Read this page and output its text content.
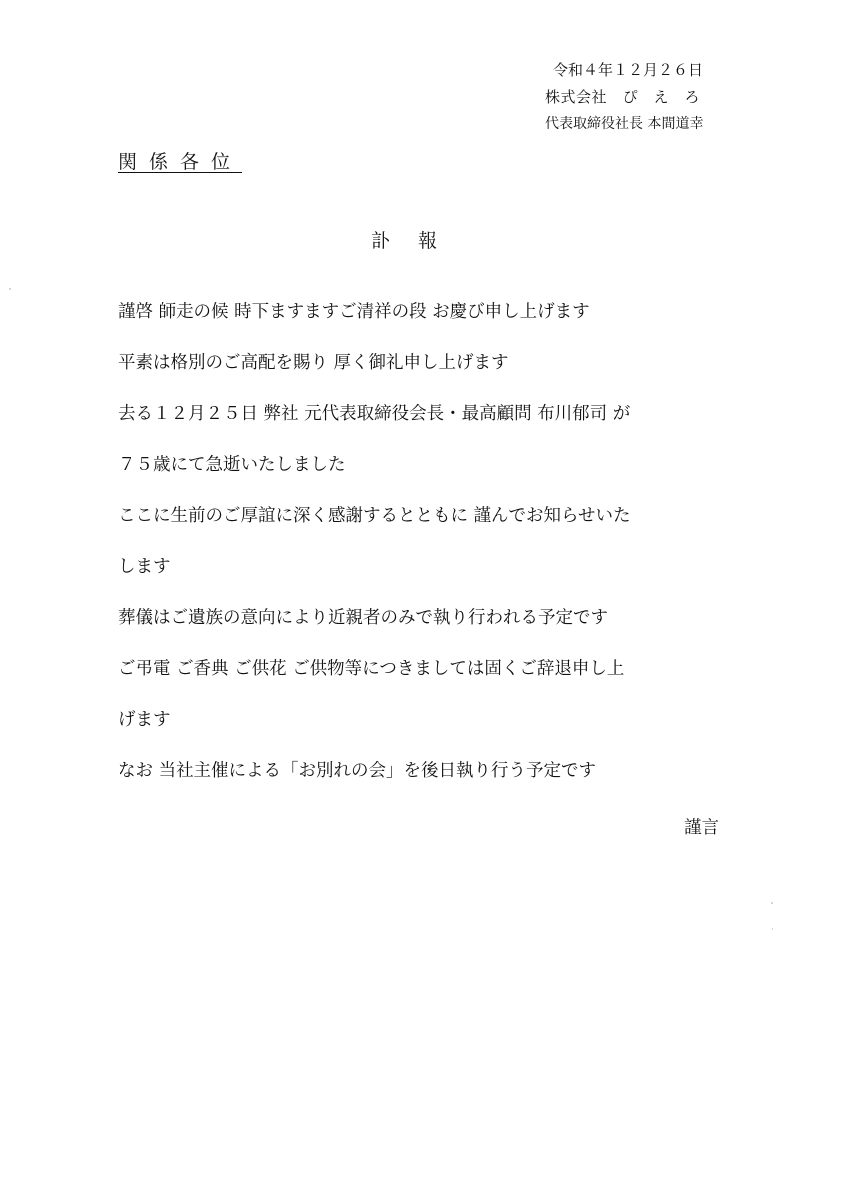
令和４年１２月２６日
株式会社　ぴ　え　ろ
代表取締役社長 本間道幸
関係各位
訃報
謹啓 師走の候 時下ますますご清祥の段 お慶び申し上げます
平素は格別のご高配を賜り 厚く御礼申し上げます
去る１２月２５日 弊社 元代表取締役会長・最高顧問 布川郁司 が
７５歳にて急逝いたしました
ここに生前のご厚誼に深く感謝するとともに 謹んでお知らせいた
します
葬儀はご遺族の意向により近親者のみで執り行われる予定です
ご弔電 ご香典 ご供花 ご供物等につきましては固くご辞退申し上
げます
なお 当社主催による「お別れの会」を後日執り行う予定です
謹言
